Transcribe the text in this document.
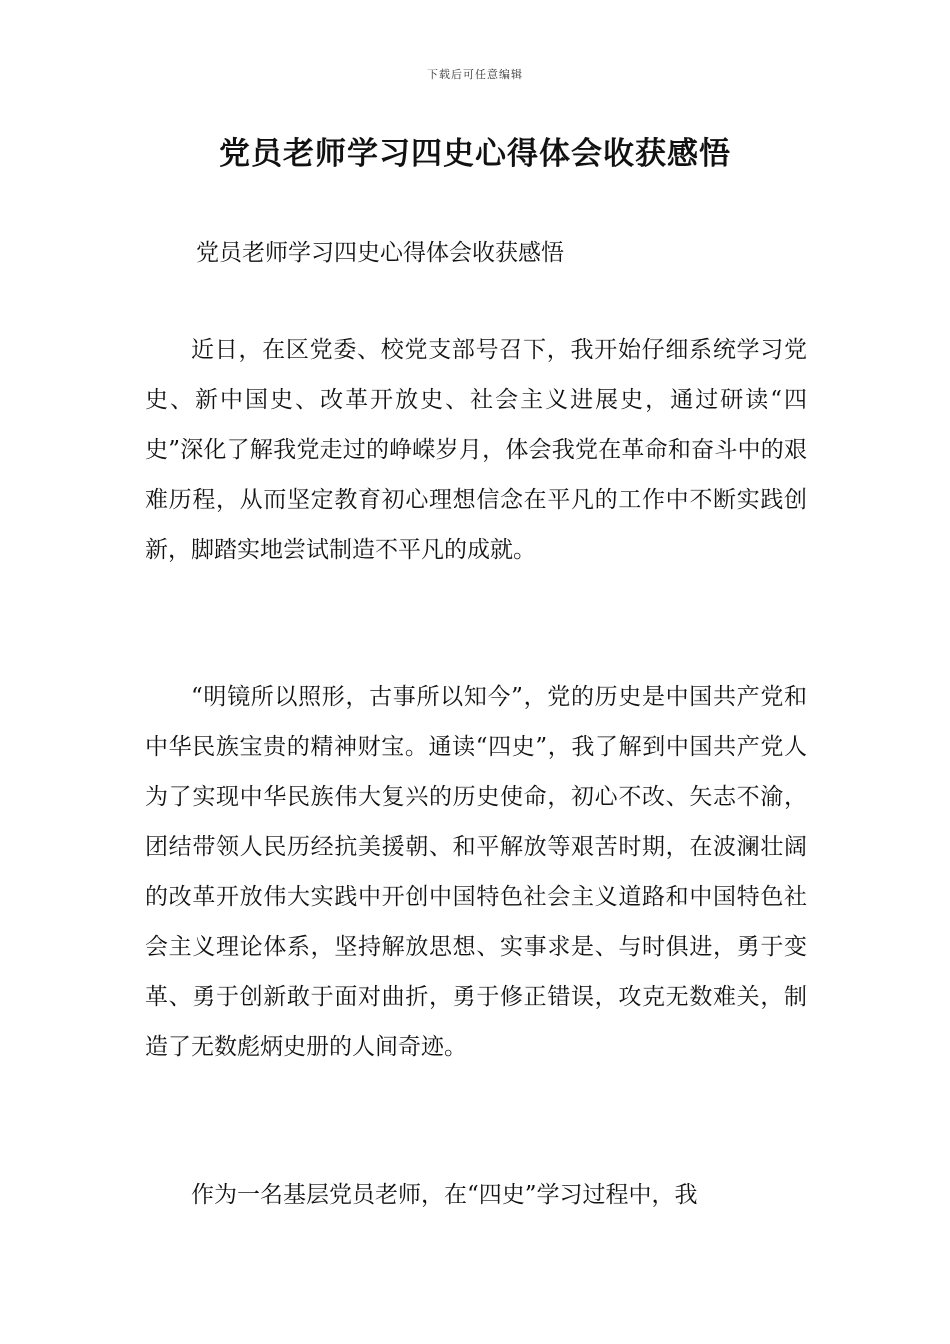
下载后可任意编辑
党员老师学习四史心得体会收获感悟
党员老师学习四史心得体会收获感悟

近日，在区党委、校党支部号召下，我开始仔细系统学习党史、新中国史、改革开放史、社会主义进展史，通过研读“四史”深化了解我党走过的峥嵘岁月，体会我党在革命和奋斗中的艰难历程，从而坚定教育初心理想信念在平凡的工作中不断实践创新，脚踏实地尝试制造不平凡的成就。

“明镜所以照形，古事所以知今”，党的历史是中国共产党和中华民族宝贵的精神财宝。通读“四史”，我了解到中国共产党人为了实现中华民族伟大复兴的历史使命，初心不改、矢志不渝，团结带领人民历经抗美援朝、和平解放等艰苦时期，在波澜壮阔的改革开放伟大实践中开创中国特色社会主义道路和中国特色社会主义理论体系，坚持解放思想、实事求是、与时俱进，勇于变革、勇于创新敢于面对曲折，勇于修正错误，攻克无数难关，制造了无数彪炳史册的人间奇迹。

作为一名基层党员老师，在“四史”学习过程中，我
